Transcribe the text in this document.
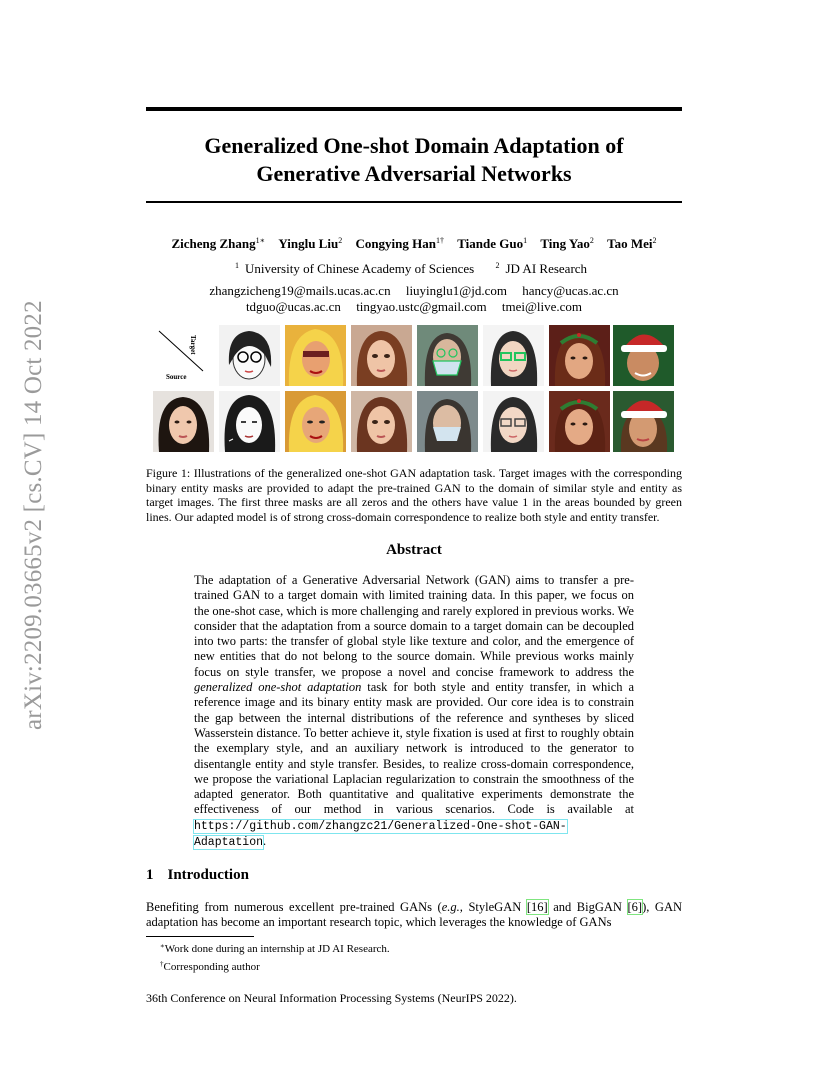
arXiv:2209.03665v2 [cs.CV] 14 Oct 2022
Generalized One-shot Domain Adaptation of
Generative Adversarial Networks
Zicheng Zhang$^{1∗}$ Yinglu Liu$^2$ Congying Han$^{1\dagger}$ Tiande Guo$^1$ Ting Yao$^2$ Tao Mei$^2$
$^1$ University of Chinese Academy of Sciences	$^2$ JD AI Research
zhangzicheng19@mails.ucas.ac.cn liuyinglu1@jd.com hancy@ucas.ac.cn
tdguo@ucas.ac.cn tingyao.ustc@gmail.com tmei@live.com
Target
Source
Figure 1: Illustrations of the generalized one-shot GAN adaptation task. Target images with the corresponding binary entity masks are provided to adapt the pre-trained GAN to the domain of similar style and entity as target images. The first three masks are all zeros and the others have value 1 in the areas bounded by green lines. Our adapted model is of strong cross-domain correspondence to realize both style and entity transfer.
Abstract
The adaptation of a Generative Adversarial Network (GAN) aims to transfer a pre-trained GAN to a target domain with limited training data. In this paper, we focus on the one-shot case, which is more challenging and rarely explored in previous works. We consider that the adaptation from a source domain to a target domain can be decoupled into two parts: the transfer of global style like texture and color, and the emergence of new entities that do not belong to the source domain. While previous works mainly focus on style transfer, we propose a novel and concise framework to address the generalized one-shot adaptation task for both style and entity transfer, in which a reference image and its binary entity mask are provided. Our core idea is to constrain the gap between the internal distributions of the reference and syntheses by sliced Wasserstein distance. To better achieve it, style fixation is used at first to roughly obtain the exemplary style, and an auxiliary network is introduced to the generator to disentangle entity and style transfer. Besides, to realize cross-domain correspondence, we propose the variational Laplacian regularization to constrain the smoothness of the adapted generator. Both quantitative and qualitative experiments demonstrate the effectiveness of our method in various scenarios. Code is available at https://github.com/zhangzc21/Generalized-One-shot-GAN-Adaptation.
1 Introduction
Benefiting from numerous excellent pre-trained GANs (e.g., StyleGAN [16] and BigGAN [6]), GAN adaptation has become an important research topic, which leverages the knowledge of GANs
∗Work done during an internship at JD AI Research.
†Corresponding author
36th Conference on Neural Information Processing Systems (NeurIPS 2022).
